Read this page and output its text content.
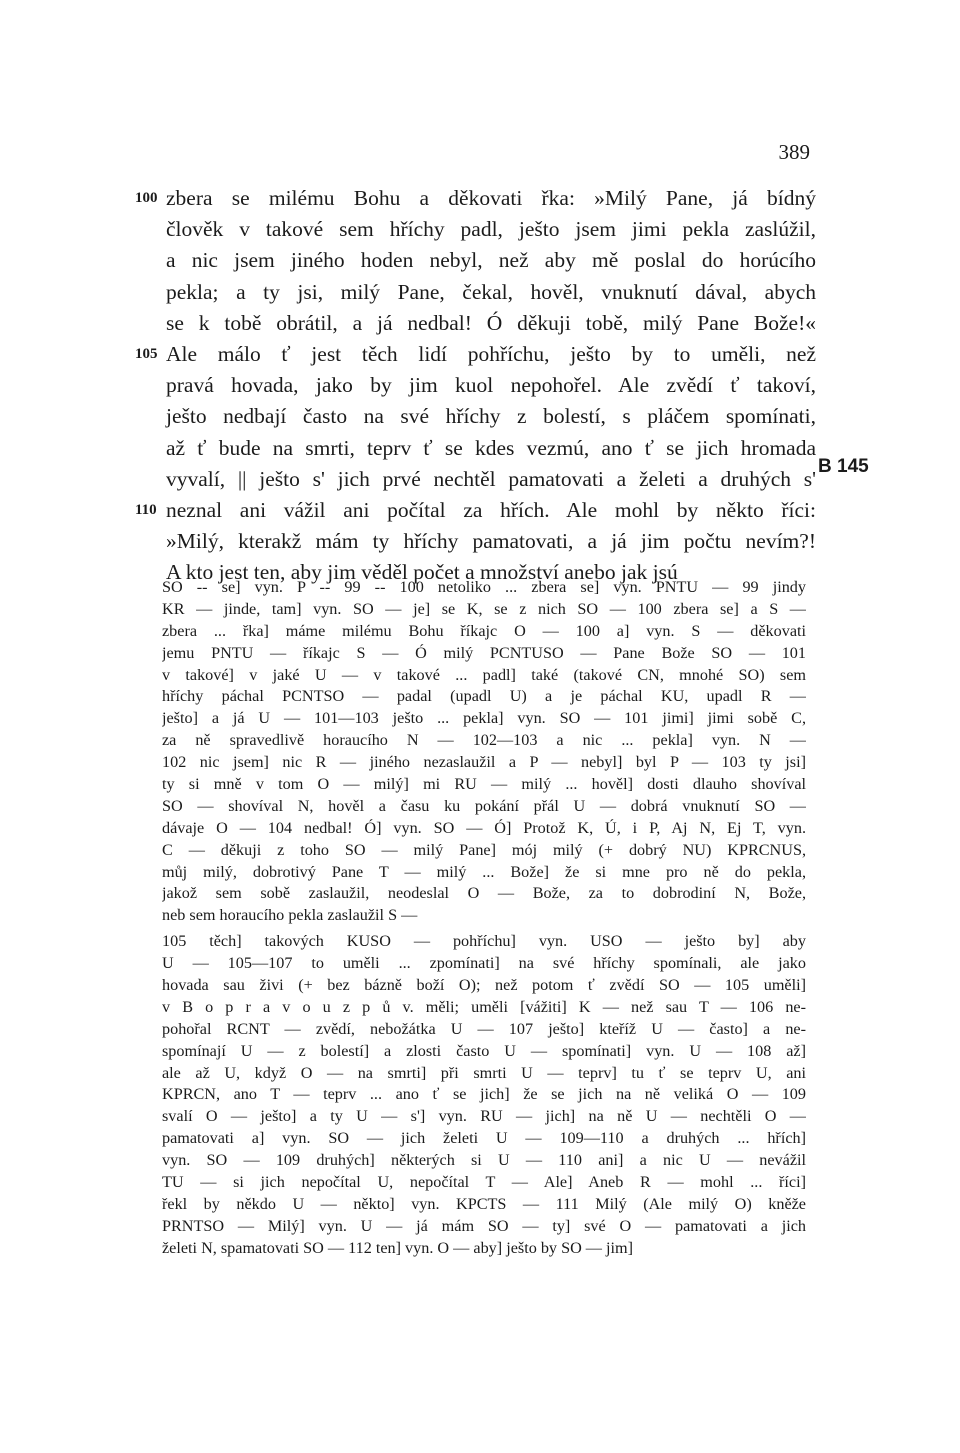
389
B 145
100 zbera se milému Bohu a děkovati řka: »Milý Pane, já bídný
člověk v takové sem hříchy padl, ješto jsem jimi pekla zaslúžil,
a nic jsem jiného hoden nebyl, než aby mě poslal do horúcího
pekla; a ty jsi, milý Pane, čekal, hověl, vnuknutí dával, abych
se k tobě obrátil, a já nedbal! Ó děkuji tobě, milý Pane Bože!«
105 Ale málo ť jest těch lidí pohříchu, ješto by to uměli, než
pravá hovada, jako by jim kuol nepohořel. Ale zvědí ť takoví,
ješto nedbají často na své hříchy z bolestí, s pláčem spomínati,
až ť bude na smrti, teprv ť se kdes vezmú, ano ť se jich hromada
vyvalí, || ješto s' jich prvé nechtěl pamatovati a želeti a druhých s'
110 neznal ani vážil ani počítal za hřích. Ale mohl by někto říci:
»Milý, kterakž mám ty hříchy pamatovati, a já jim počtu nevím?!
A kto jest ten, aby jim věděl počet a množství anebo jak jsú
SO -- se] vyn. P -- 99 -- 100 netoliko ... zbera se] vyn. PNTU — 99 jindy
KR — jinde, tam] vyn. SO — je] se K, se z nich SO — 100 zbera se] a S —
zbera ... řka] máme milému Bohu říkajc O — 100 a] vyn. S — děkovati
jemu PNTU — říkajc S — Ó milý PCNTUSO — Pane Bože SO — 101
v takové] v jaké U — v takové ... padl] také (takové CN, mnohé SO) sem
hříchy páchal PCNTSO — padal (upadl U) a je páchal KU, upadl R —
ješto] a já U — 101—103 ješto ... pekla] vyn. SO — 101 jimi] jimi sobě C,
za ně spravedlivě horaucího N — 102—103 a nic ... pekla] vyn. N —
102 nic jsem] nic R — jiného nezaslaužil a P — nebyl] byl P — 103 ty jsi]
ty si mně v tom O — milý] mi RU — milý ... hověl] dosti dlauho shovíval
SO — shovíval N, hověl a času ku pokání přál U — dobrá vnuknutí SO —
dávaje O — 104 nedbal! Ó] vyn. SO — Ó] Protož K, Ú, i P, Aj N, Ej T, vyn.
C — děkuji z toho SO — milý Pane] mój milý (+ dobrý NU) KPRCNUS,
můj milý, dobrotivý Pane T — milý ... Bože] že si mne pro ně do pekla,
jakož sem sobě zaslaužil, neodeslal O — Bože, za to dobrodiní N, Bože,
neb sem horaucího pekla zaslaužil S —
105 těch] takových KUSO — pohříchu] vyn. USO — ješto by] aby
U — 105—107 to uměli ... zpomínati] na své hříchy spomínali, ale jako
hovada sau živi (+ bez bázně boží O); než potom ť zvědí SO — 105 uměli]
v B o p r a v o u z p ů v. měli; uměli [vážiti] K — než sau T — 106 ne-
pohořal RCNT — zvědí, nebožátka U — 107 ješto] kteříž U — často] a ne-
spomínají U — z bolestí] a zlosti často U — spomínati] vyn. U — 108 až]
ale až U, když O — na smrti] při smrti U — teprv] tu ť se teprv U, ani
KPRCN, ano T — teprv ... ano ť se jich] že se jich na ně veliká O — 109
svalí O — ješto] a ty U — s'] vyn. RU — jich] na ně U — nechtěli O —
pamatovati a] vyn. SO — jich želeti U — 109—110 a druhých ... hřích]
vyn. SO — 109 druhých] některých si U — 110 ani] a nic U — nevážil
TU — si jich nepočítal U, nepočítal T — Ale] Aneb R — mohl ... říci]
řekl by někdo U — někto] vyn. KPCTS — 111 Milý (Ale milý O) kněže
PRNTSO — Milý] vyn. U — já mám SO — ty] své O — pamatovati a jich
želeti N, spamatovati SO — 112 ten] vyn. O — aby] ješto by SO — jim]
